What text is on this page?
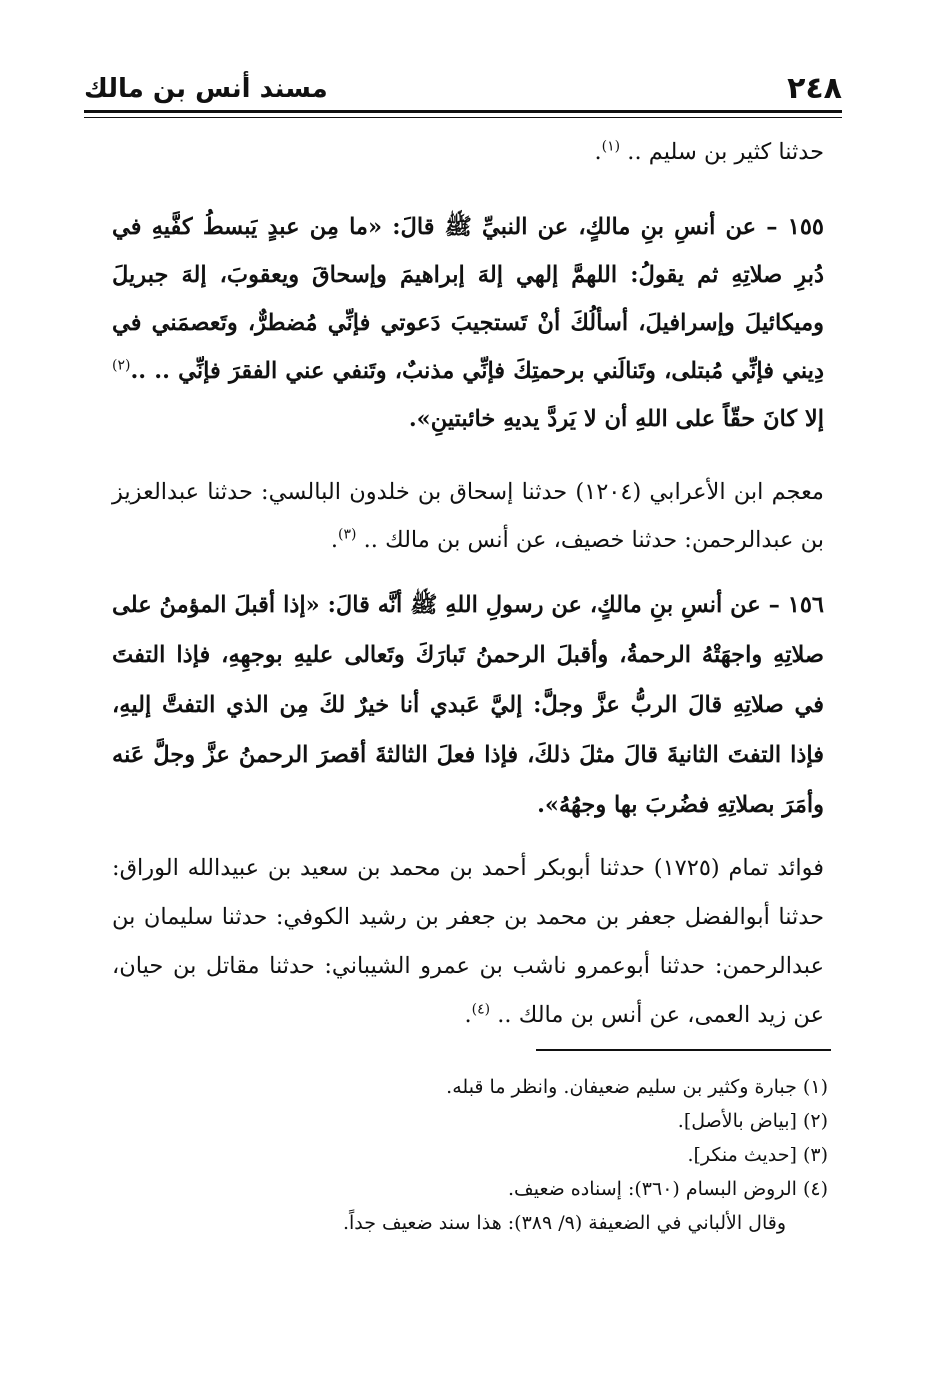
٢٤٨
مسند أنس بن مالك

حدثنا كثير بن سليم .. $^{(١)}$.

١٥٥ – عن أنسِ بنِ مالكٍ، عن النبيِّ ﷺ قالَ: «ما مِن عبدٍ يَبسطُ كفَّيهِ في دُبرِ صلاتِهِ ثم يقولُ: اللهمَّ إلهي إلهَ إبراهيمَ وإسحاقَ ويعقوبَ، إلهَ جبريلَ وميكائيلَ وإسرافيلَ، أسألُكَ أنْ تَستجيبَ دَعوتي فإنِّي مُضطرٌّ، وتَعصمَني في دِيني فإنِّي مُبتلى، وتَنالَني برحمتِكَ فإنِّي مذنبٌ، وتَنفي عني الفقرَ فإنِّي .. ..$^{(٢)}$ إلا كانَ حقّاً على اللهِ أن لا يَردَّ يديهِ خائبتينِ».

معجم ابن الأعرابي (١٢٠٤) حدثنا إسحاق بن خلدون البالسي: حدثنا عبدالعزيز بن عبدالرحمن: حدثنا خصيف، عن أنس بن مالك .. $^{(٣)}$.

١٥٦ – عن أنسِ بنِ مالكٍ، عن رسولِ اللهِ ﷺ أنَّه قالَ: «إذا أقبلَ المؤمنُ على صلاتِهِ واجهَتْهُ الرحمةُ، وأقبلَ الرحمنُ تَبارَكَ وتَعالى عليهِ بوجهِهِ، فإذا التفتَ في صلاتِهِ قالَ الربُّ عزَّ وجلَّ: إليَّ عَبدي أنا خيرٌ لكَ مِن الذي التفتَّ إليهِ، فإذا التفتَ الثانيةَ قالَ مثلَ ذلكَ، فإذا فعلَ الثالثةَ أقصرَ الرحمنُ عزَّ وجلَّ عَنه وأمَرَ بصلاتِهِ فضُربَ بها وجهُهُ».

فوائد تمام (١٧٢٥) حدثنا أبوبكر أحمد بن محمد بن سعيد بن عبيدالله الوراق: حدثنا أبوالفضل جعفر بن محمد بن جعفر بن رشيد الكوفي: حدثنا سليمان بن عبدالرحمن: حدثنا أبوعمرو ناشب بن عمرو الشيباني: حدثنا مقاتل بن حيان، عن زيد العمى، عن أنس بن مالك .. $^{(٤)}$.

(١) جبارة وكثير بن سليم ضعيفان. وانظر ما قبله.

(٢) [بياض بالأصل].

(٣) [حديث منكر].

(٤) الروض البسام (٣٦٠): إسناده ضعيف.

وقال الألباني في الضعيفة (٩/ ٣٨٩): هذا سند ضعيف جداً.
